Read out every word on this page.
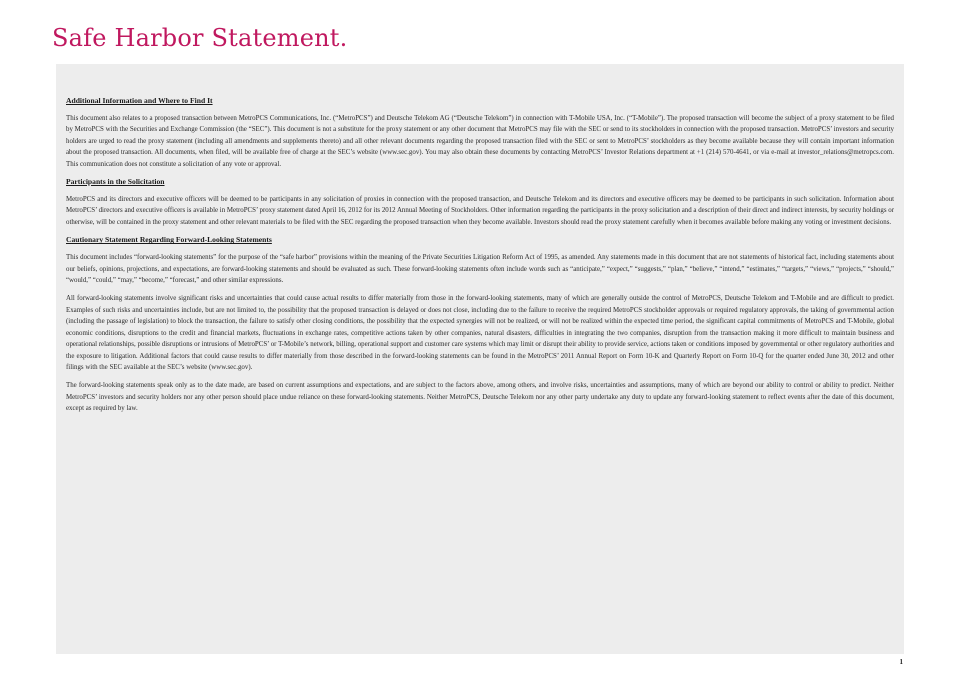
Safe Harbor Statement.

Additional Information and Where to Find It

This document also relates to a proposed transaction between MetroPCS Communications, Inc. (“MetroPCS”) and Deutsche Telekom AG (“Deutsche Telekom”) in connection with T-Mobile USA, Inc. (“T-Mobile”). The proposed transaction will become the subject of a proxy statement to be filed by MetroPCS with the Securities and Exchange Commission (the “SEC”). This document is not a substitute for the proxy statement or any other document that MetroPCS may file with the SEC or send to its stockholders in connection with the proposed transaction. MetroPCS’ investors and security holders are urged to read the proxy statement (including all amendments and supplements thereto) and all other relevant documents regarding the proposed transaction filed with the SEC or sent to MetroPCS’ stockholders as they become available because they will contain important information about the proposed transaction. All documents, when filed, will be available free of charge at the SEC’s website (www.sec.gov). You may also obtain these documents by contacting MetroPCS’ Investor Relations department at +1 (214) 570-4641, or via e-mail at investor_relations@metropcs.com. This communication does not constitute a solicitation of any vote or approval.

Participants in the Solicitation

MetroPCS and its directors and executive officers will be deemed to be participants in any solicitation of proxies in connection with the proposed transaction, and Deutsche Telekom and its directors and executive officers may be deemed to be participants in such solicitation. Information about MetroPCS’ directors and executive officers is available in MetroPCS’ proxy statement dated April 16, 2012 for its 2012 Annual Meeting of Stockholders. Other information regarding the participants in the proxy solicitation and a description of their direct and indirect interests, by security holdings or otherwise, will be contained in the proxy statement and other relevant materials to be filed with the SEC regarding the proposed transaction when they become available. Investors should read the proxy statement carefully when it becomes available before making any voting or investment decisions.

Cautionary Statement Regarding Forward-Looking Statements

This document includes “forward-looking statements” for the purpose of the “safe harbor” provisions within the meaning of the Private Securities Litigation Reform Act of 1995, as amended. Any statements made in this document that are not statements of historical fact, including statements about our beliefs, opinions, projections, and expectations, are forward-looking statements and should be evaluated as such. These forward-looking statements often include words such as “anticipate,” “expect,” “suggests,” “plan,” “believe,” “intend,” “estimates,” “targets,” “views,” “projects,” “should,” “would,” “could,” “may,” “become,” “forecast,” and other similar expressions.

All forward-looking statements involve significant risks and uncertainties that could cause actual results to differ materially from those in the forward-looking statements, many of which are generally outside the control of MetroPCS, Deutsche Telekom and T-Mobile and are difficult to predict. Examples of such risks and uncertainties include, but are not limited to, the possibility that the proposed transaction is delayed or does not close, including due to the failure to receive the required MetroPCS stockholder approvals or required regulatory approvals, the taking of governmental action (including the passage of legislation) to block the transaction, the failure to satisfy other closing conditions, the possibility that the expected synergies will not be realized, or will not be realized within the expected time period, the significant capital commitments of MetroPCS and T-Mobile, global economic conditions, disruptions to the credit and financial markets, fluctuations in exchange rates, competitive actions taken by other companies, natural disasters, difficulties in integrating the two companies, disruption from the transaction making it more difficult to maintain business and operational relationships, possible disruptions or intrusions of MetroPCS’ or T-Mobile’s network, billing, operational support and customer care systems which may limit or disrupt their ability to provide service, actions taken or conditions imposed by governmental or other regulatory authorities and the exposure to litigation. Additional factors that could cause results to differ materially from those described in the forward-looking statements can be found in the MetroPCS’ 2011 Annual Report on Form 10-K and Quarterly Report on Form 10-Q for the quarter ended June 30, 2012 and other filings with the SEC available at the SEC’s website (www.sec.gov).

The forward-looking statements speak only as to the date made, are based on current assumptions and expectations, and are subject to the factors above, among others, and involve risks, uncertainties and assumptions, many of which are beyond our ability to control or ability to predict. Neither MetroPCS’ investors and security holders nor any other person should place undue reliance on these forward-looking statements. Neither MetroPCS, Deutsche Telekom nor any other party undertake any duty to update any forward-looking statement to reflect events after the date of this document, except as required by law.

1
